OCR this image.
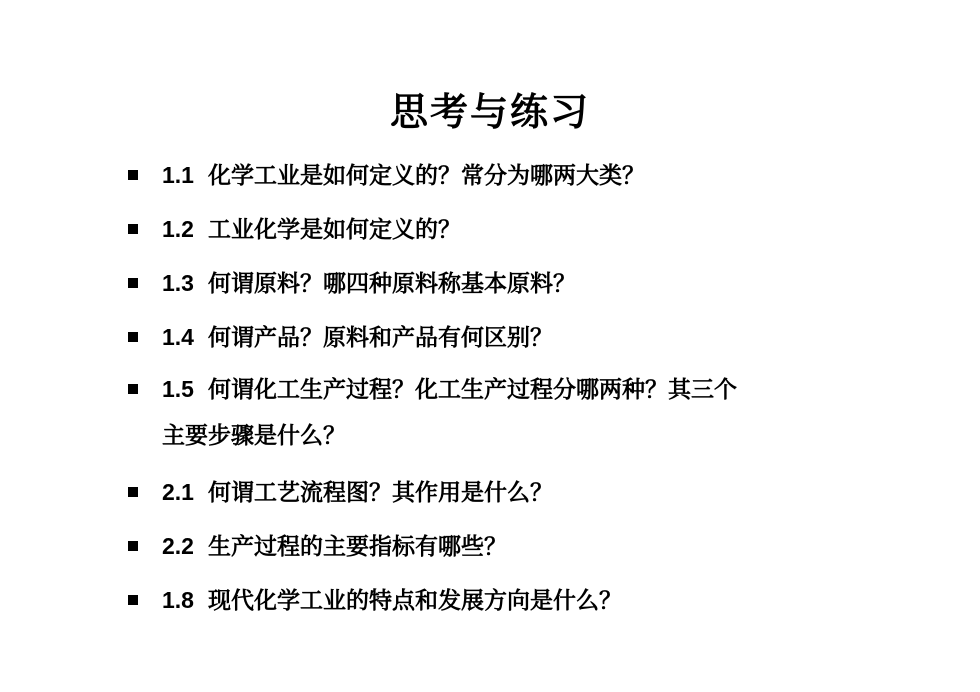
思考与练习
1.1 化学工业是如何定义的？常分为哪两大类？
1.2 工业化学是如何定义的？
1.3 何谓原料？哪四种原料称基本原料？
1.4 何谓产品？原料和产品有何区别？
1.5 何谓化工生产过程？化工生产过程分哪两种？其三个
主要步骤是什么？
2.1 何谓工艺流程图？其作用是什么？
2.2 生产过程的主要指标有哪些？
1.8 现代化学工业的特点和发展方向是什么？
